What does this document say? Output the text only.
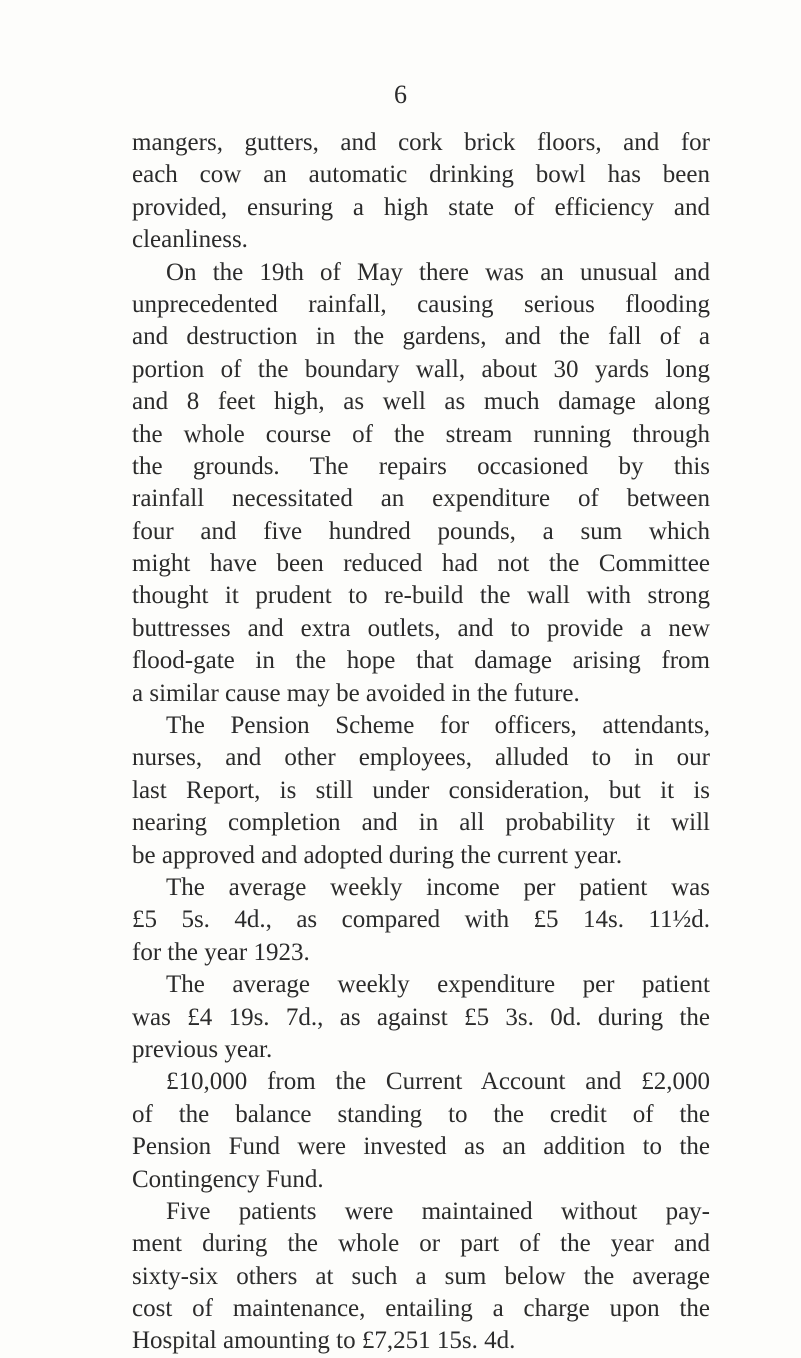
6
mangers, gutters, and cork brick floors, and for
each cow an automatic drinking bowl has been
provided, ensuring a high state of efficiency and
cleanliness.
On the 19th of May there was an unusual and
unprecedented rainfall, causing serious flooding
and destruction in the gardens, and the fall of a
portion of the boundary wall, about 30 yards long
and 8 feet high, as well as much damage along
the whole course of the stream running through
the grounds. The repairs occasioned by this
rainfall necessitated an expenditure of between
four and five hundred pounds, a sum which
might have been reduced had not the Committee
thought it prudent to re-build the wall with strong
buttresses and extra outlets, and to provide a new
flood-gate in the hope that damage arising from
a similar cause may be avoided in the future.
The Pension Scheme for officers, attendants,
nurses, and other employees, alluded to in our
last Report, is still under consideration, but it is
nearing completion and in all probability it will
be approved and adopted during the current year.
The average weekly income per patient was
£5 5s. 4d., as compared with £5 14s. 11½d.
for the year 1923.
The average weekly expenditure per patient
was £4 19s. 7d., as against £5 3s. 0d. during the
previous year.
£10,000 from the Current Account and £2,000
of the balance standing to the credit of the
Pension Fund were invested as an addition to the
Contingency Fund.
Five patients were maintained without pay-
ment during the whole or part of the year and
sixty-six others at such a sum below the average
cost of maintenance, entailing a charge upon the
Hospital amounting to £7,251 15s. 4d.
